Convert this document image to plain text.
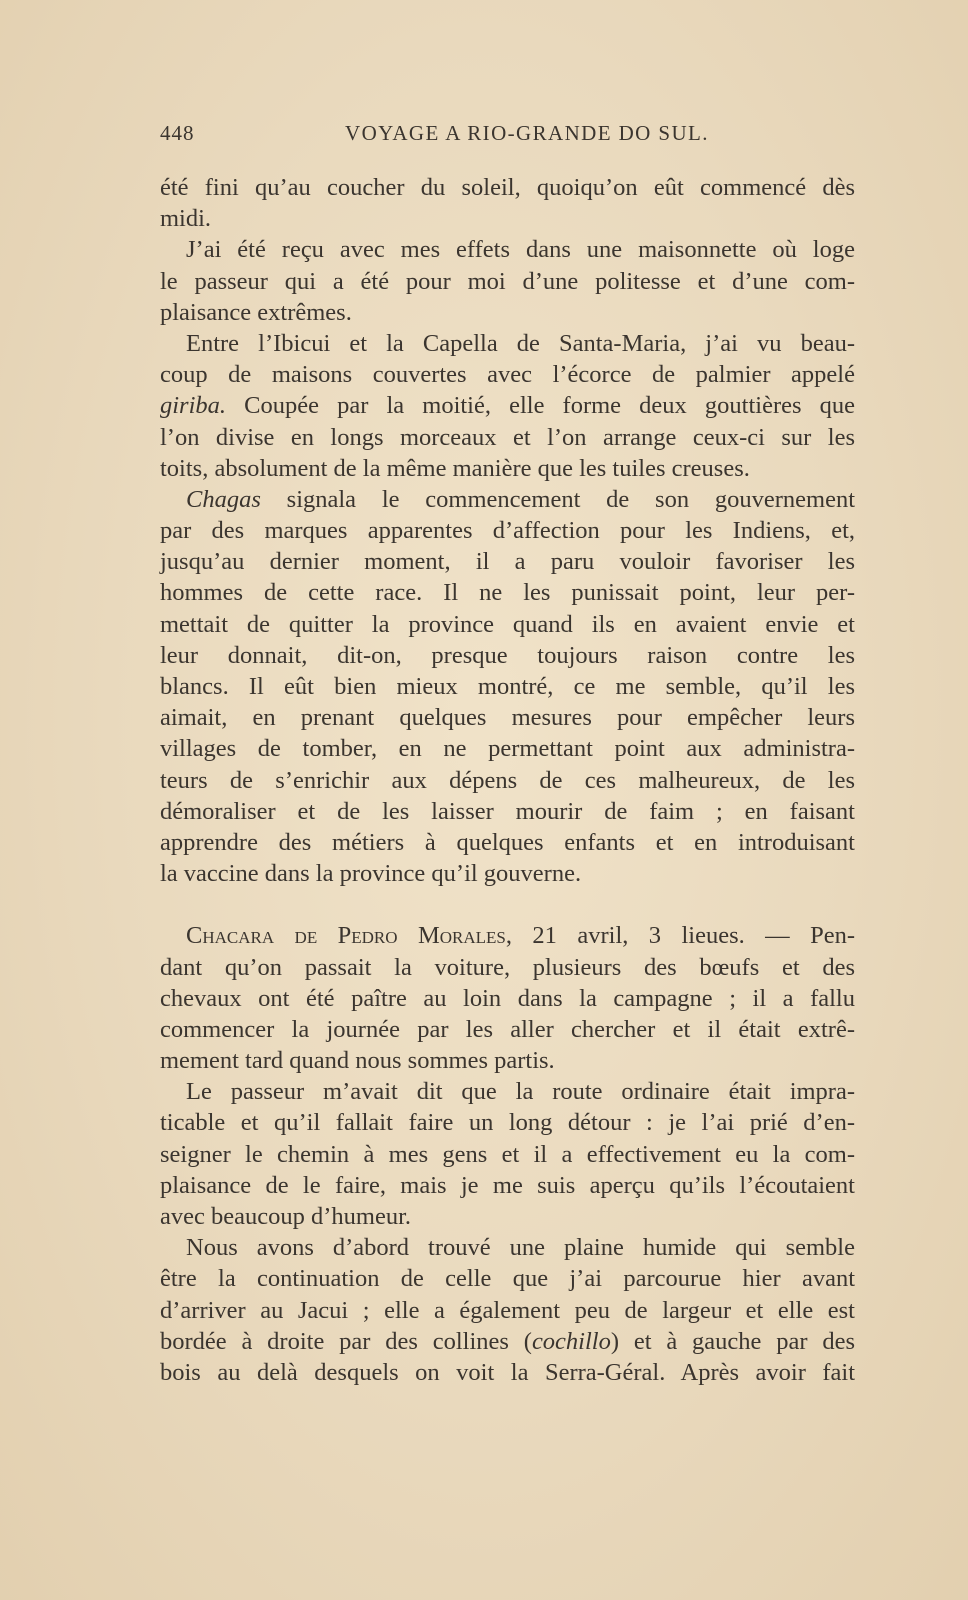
448	VOYAGE A RIO-GRANDE DO SUL.
été fini qu’au coucher du soleil, quoiqu’on eût commencé dès
midi.
J’ai été reçu avec mes effets dans une maisonnette où loge
le passeur qui a été pour moi d’une politesse et d’une com-
plaisance extrêmes.
Entre l’Ibicui et la Capella de Santa-Maria, j’ai vu beau-
coup de maisons couvertes avec l’écorce de palmier appelé
giriba. Coupée par la moitié, elle forme deux gouttières que
l’on divise en longs morceaux et l’on arrange ceux-ci sur les
toits, absolument de la même manière que les tuiles creuses.
Chagas signala le commencement de son gouvernement
par des marques apparentes d’affection pour les Indiens, et,
jusqu’au dernier moment, il a paru vouloir favoriser les
hommes de cette race. Il ne les punissait point, leur per-
mettait de quitter la province quand ils en avaient envie et
leur donnait, dit-on, presque toujours raison contre les
blancs. Il eût bien mieux montré, ce me semble, qu’il les
aimait, en prenant quelques mesures pour empêcher leurs
villages de tomber, en ne permettant point aux administra-
teurs de s’enrichir aux dépens de ces malheureux, de les
démoraliser et de les laisser mourir de faim ; en faisant
apprendre des métiers à quelques enfants et en introduisant
la vaccine dans la province qu’il gouverne.
Chacara de Pedro Morales, 21 avril, 3 lieues. — Pen-
dant qu’on passait la voiture, plusieurs des bœufs et des
chevaux ont été paître au loin dans la campagne ; il a fallu
commencer la journée par les aller chercher et il était extrê-
mement tard quand nous sommes partis.
Le passeur m’avait dit que la route ordinaire était impra-
ticable et qu’il fallait faire un long détour : je l’ai prié d’en-
seigner le chemin à mes gens et il a effectivement eu la com-
plaisance de le faire, mais je me suis aperçu qu’ils l’écoutaient
avec beaucoup d’humeur.
Nous avons d’abord trouvé une plaine humide qui semble
être la continuation de celle que j’ai parcourue hier avant
d’arriver au Jacui ; elle a également peu de largeur et elle est
bordée à droite par des collines (cochillo) et à gauche par des
bois au delà desquels on voit la Serra-Géral. Après avoir fait
